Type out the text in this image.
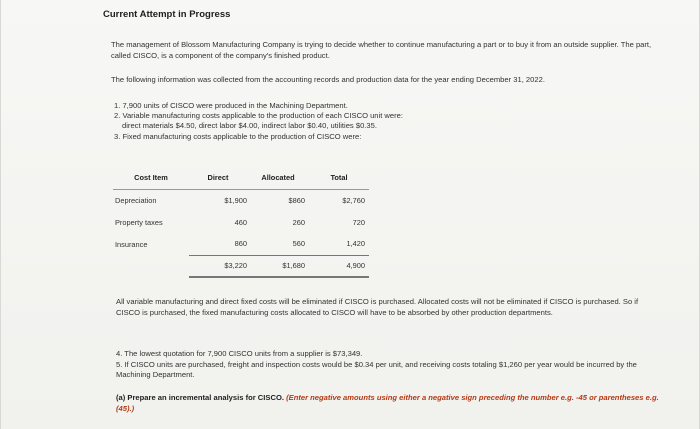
Current Attempt in Progress

The management of Blossom Manufacturing Company is trying to decide whether to continue manufacturing a part or to buy it from an outside supplier. The part, called CISCO, is a component of the company's finished product.

The following information was collected from the accounting records and production data for the year ending December 31, 2022.

1. 7,900 units of CISCO were produced in the Machining Department.
2. Variable manufacturing costs applicable to the production of each CISCO unit were:
direct materials $4.50, direct labor $4.00, indirect labor $0.40, utilities $0.35.
3. Fixed manufacturing costs applicable to the production of CISCO were:
Cost Item	Direct	Allocated	Total
Depreciation	$1,900	$860	$2,760
Property taxes	460	260	720
Insurance	860	560	1,420
	$3,220	$1,680	4,900

All variable manufacturing and direct fixed costs will be eliminated if CISCO is purchased. Allocated costs will not be eliminated if CISCO is purchased. So if CISCO is purchased, the fixed manufacturing costs allocated to CISCO will have to be absorbed by other production departments.

4. The lowest quotation for 7,900 CISCO units from a supplier is $73,349.
5. If CISCO units are purchased, freight and inspection costs would be $0.34 per unit, and receiving costs totaling $1,260 per year would be incurred by the Machining Department.

(a) Prepare an incremental analysis for CISCO. (Enter negative amounts using either a negative sign preceding the number e.g. -45 or parentheses e.g. (45).)
